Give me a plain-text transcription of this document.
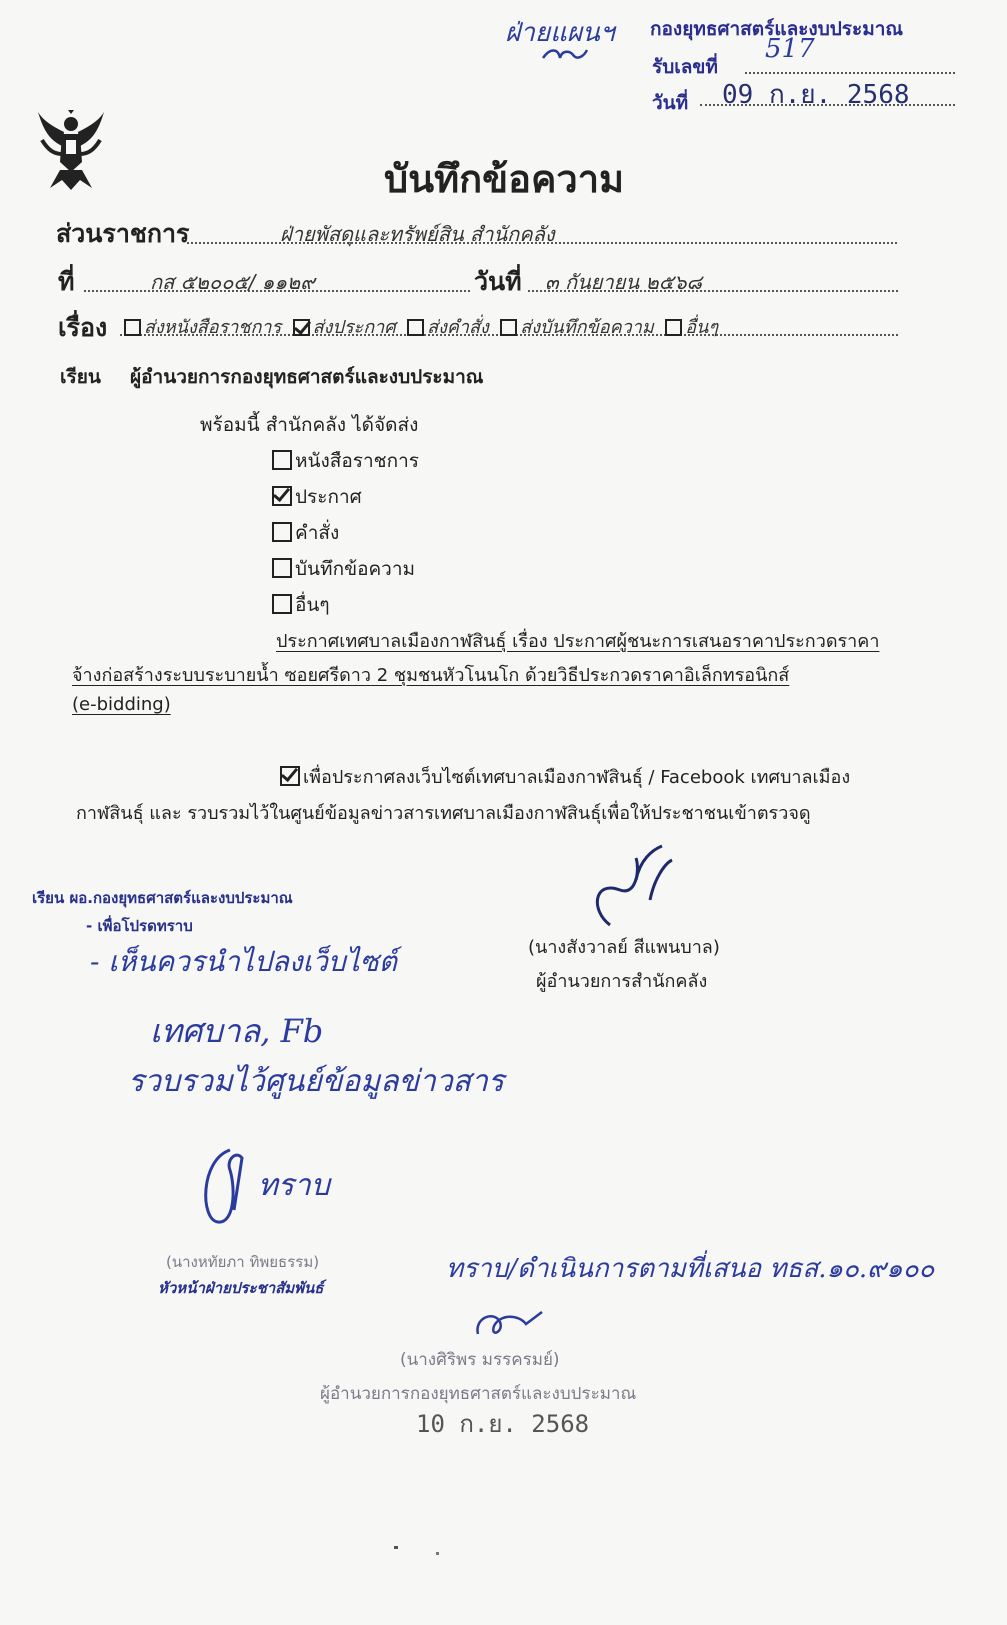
ฝ่ายแผนฯ กองยุทธศาสตร์และงบประมาณ
รับเลขที่
517
วันที่ 09 ก.ย. 2568
บันทึกข้อความ
ส่วนราชการ	ฝ่ายพัสดุและทรัพย์สิน สำนักคลัง
ที่	กส ๕๒๐๐๕/ ๑๑๒๙	วันที่ ๓ กันยายน ๒๕๖๘
เรื่อง	ส่งหนังสือราชการ ส่งประกาศ ส่งคำสั่ง ส่งบันทึกข้อความ อื่นๆ
เรียน ผู้อำนวยการกองยุทธศาสตร์และงบประมาณ
พร้อมนี้ สำนักคลัง ได้จัดส่ง
หนังสือราชการ
ประกาศ
คำสั่ง
บันทึกข้อความ
อื่นๆ
ประกาศเทศบาลเมืองกาฬสินธุ์ เรื่อง ประกาศผู้ชนะการเสนอราคาประกวดราคา
จ้างก่อสร้างระบบระบายน้ำ ซอยศรีดาว 2 ชุมชนหัวโนนโก ด้วยวิธีประกวดราคาอิเล็กทรอนิกส์
(e-bidding)
เพื่อประกาศลงเว็บไซต์เทศบาลเมืองกาฬสินธุ์ / Facebook เทศบาลเมือง
กาฬสินธุ์ และ รวบรวมไว้ในศูนย์ข้อมูลข่าวสารเทศบาลเมืองกาฬสินธุ์เพื่อให้ประชาชนเข้าตรวจดู
(นางสังวาลย์ สีแพนบาล)
ผู้อำนวยการสำนักคลัง
เรียน ผอ.กองยุทธศาสตร์และงบประมาณ
- เพื่อโปรดทราบ
- เห็นควรนำไปลงเว็บไซต์
เทศบาล, Fb
รวบรวมไว้ศูนย์ข้อมูลข่าวสาร
ทราบ
(นางหทัยภา ทิพยธรรม)
หัวหน้าฝ่ายประชาสัมพันธ์
ทราบ/ดำเนินการตามที่เสนอ ทธส.๑๐.๙๑๐๐
(นางศิริพร มรรครมย์)
ผู้อำนวยการกองยุทธศาสตร์และงบประมาณ
10 ก.ย. 2568
